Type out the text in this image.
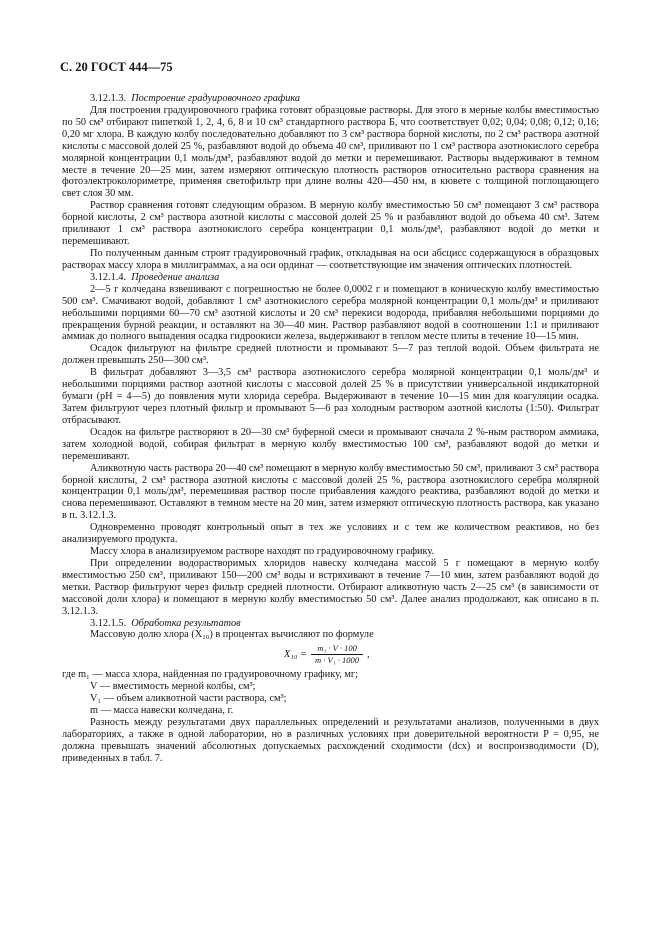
С. 20 ГОСТ 444—75

3.12.1.3. Построение градуировочного графика

Для построения градуировочного графика готовят образцовые растворы. Для этого в мерные колбы вместимостью по 50 см³ отбирают пипеткой 1, 2, 4, 6, 8 и 10 см³ стандартного раствора Б, что соответствует 0,02; 0,04; 0,08; 0,12; 0,16; 0,20 мг хлора. В каждую колбу последовательно добавляют по 3 см³ раствора борной кислоты, по 2 см³ раствора азотной кислоты с массовой долей 25 %, разбавляют водой до объема 40 см³, приливают по 1 см³ раствора азотнокислого серебра молярной концентрации 0,1 моль/дм³, разбавляют водой до метки и перемешивают. Растворы выдерживают в темном месте в течение 20—25 мин, затем измеряют оптическую плотность растворов относительно раствора сравнения на фотоэлектроколориметре, применяя светофильтр при длине волны 420—450 нм, в кювете с толщиной поглощающего свет слоя 30 мм.

Раствор сравнения готовят следующим образом. В мерную колбу вместимостью 50 см³ помещают 3 см³ раствора борной кислоты, 2 см³ раствора азотной кислоты с массовой долей 25 % и разбавляют водой до объема 40 см³. Затем приливают 1 см³ раствора азотнокислого серебра концентрации 0,1 моль/дм³, разбавляют водой до метки и перемешивают.

По полученным данным строят градуировочный график, откладывая на оси абсцисс содержащуюся в образцовых растворах массу хлора в миллиграммах, а на оси ординат — соответствующие им значения оптических плотностей.

3.12.1.4. Проведение анализа

2—5 г колчедана взвешивают с погрешностью не более 0,0002 г и помещают в коническую колбу вместимостью 500 см³. Смачивают водой, добавляют 1 см³ азотнокислого серебра молярной концентрации 0,1 моль/дм³ и приливают небольшими порциями 60—70 см³ азотной кислоты и 20 см³ перекиси водорода, прибавляя небольшими порциями до прекращения бурной реакции, и оставляют на 30—40 мин. Раствор разбавляют водой в соотношении 1:1 и приливают аммиак до полного выпадения осадка гидроокиси железа, выдерживают в теплом месте плиты в течение 10—15 мин.

Осадок фильтруют на фильтре средней плотности и промывают 5—7 раз теплой водой. Объем фильтрата не должен превышать 250—300 см³.

В фильтрат добавляют 3—3,5 см³ раствора азотнокислого серебра молярной концентрации 0,1 моль/дм³ и небольшими порциями раствор азотной кислоты с массовой долей 25 % в присутствии универсальной индикаторной бумаги (рН = 4—5) до появления мути хлорида серебра. Выдерживают в течение 10—15 мин для коагуляции осадка. Затем фильтруют через плотный фильтр и промывают 5—6 раз холодным раствором азотной кислоты (1:50). Фильтрат отбрасывают.

Осадок на фильтре растворяют в 20—30 см³ буферной смеси и промывают сначала 2 %-ным раствором аммиака, затем холодной водой, собирая фильтрат в мерную колбу вместимостью 100 см³, разбавляют водой до метки и перемешивают.

Аликвотную часть раствора 20—40 см³ помещают в мерную колбу вместимостью 50 см³, приливают 3 см³ раствора борной кислоты, 2 см³ раствора азотной кислоты с массовой долей 25 %, раствора азотнокислого серебра молярной концентрации 0,1 моль/дм³, перемешивая раствор после прибавления каждого реактива, разбавляют водой до метки и снова перемешивают. Оставляют в темном месте на 20 мин, затем измеряют оптическую плотность раствора, как указано в п. 3.12.1.3.

Одновременно проводят контрольный опыт в тех же условиях и с тем же количеством реактивов, но без анализируемого продукта.

Массу хлора в анализируемом растворе находят по градуировочному графику.

При определении водорастворимых хлоридов навеску колчедана массой 5 г помещают в мерную колбу вместимостью 250 см³, приливают 150—200 см³ воды и встряхивают в течение 7—10 мин, затем разбавляют водой до метки. Раствор фильтруют через фильтр средней плотности. Отбирают аликвотную часть 2—25 см³ (в зависимости от массовой доли хлора) и помещают в мерную колбу вместимостью 50 см³. Далее анализ продолжают, как описано в п. 3.12.1.3.

3.12.1.5. Обработка результатов

Массовую долю хлора (X₁₀) в процентах вычисляют по формуле

$X_{10} = \frac{\text{m₁ · V · 100}}{\text{m · V₁ · 1000}}$ ,
где m₁ — масса хлора, найденная по градуировочному графику, мг;
V — вместимость мерной колбы, см³;
V₁ — объем аликвотной части раствора, см³;
m — масса навески колчедана, г.

Разность между результатами двух параллельных определений и результатами анализов, полученными в двух лабораториях, а также в одной лаборатории, но в различных условиях при доверительной вероятности P = 0,95, не должна превышать значений абсолютных допускаемых расхождений сходимости (dсх) и воспроизводимости (D), приведенных в табл. 7.
